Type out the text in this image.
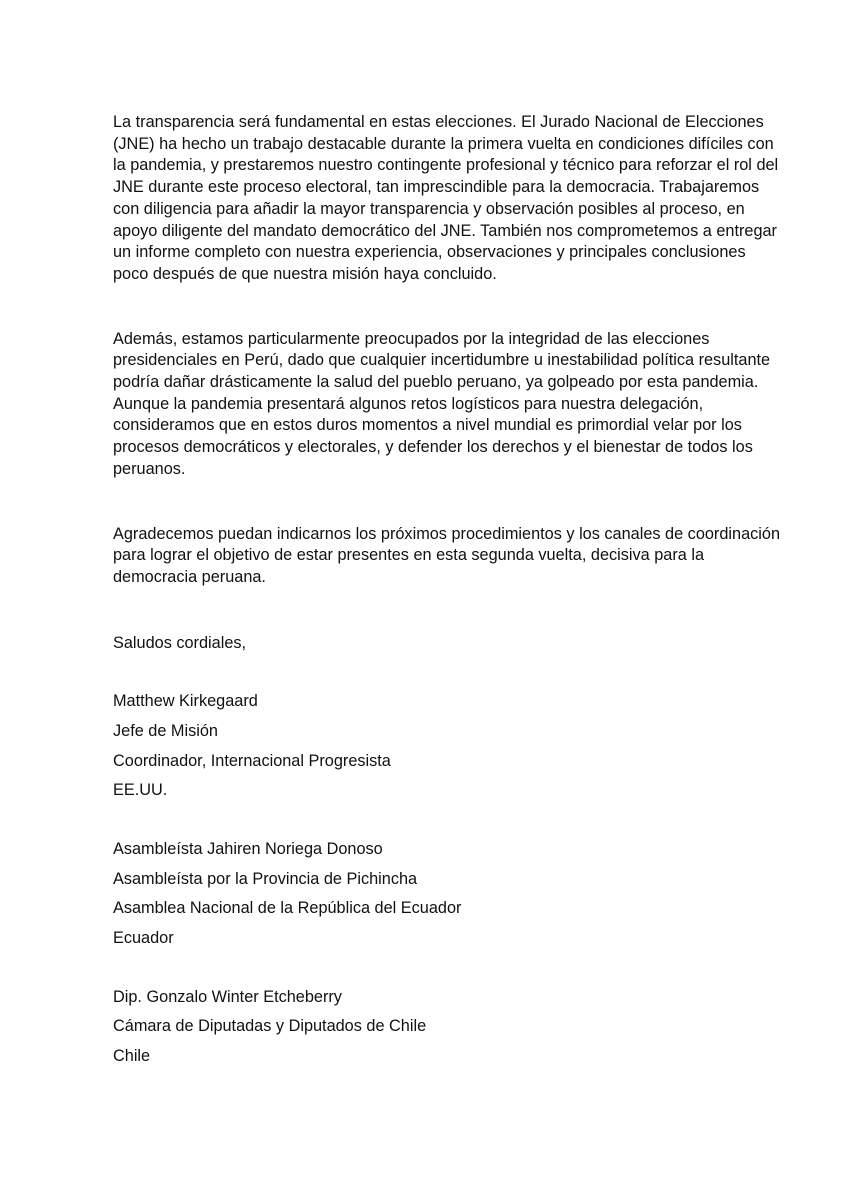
La transparencia será fundamental en estas elecciones. El Jurado Nacional de Elecciones
(JNE) ha hecho un trabajo destacable durante la primera vuelta en condiciones difíciles con
la pandemia, y prestaremos nuestro contingente profesional y técnico para reforzar el rol del
JNE durante este proceso electoral, tan imprescindible para la democracia. Trabajaremos
con diligencia para añadir la mayor transparencia y observación posibles al proceso, en
apoyo diligente del mandato democrático del JNE. También nos comprometemos a entregar
un informe completo con nuestra experiencia, observaciones y principales conclusiones
poco después de que nuestra misión haya concluido.

Además, estamos particularmente preocupados por la integridad de las elecciones
presidenciales en Perú, dado que cualquier incertidumbre u inestabilidad política resultante
podría dañar drásticamente la salud del pueblo peruano, ya golpeado por esta pandemia.
Aunque la pandemia presentará algunos retos logísticos para nuestra delegación,
consideramos que en estos duros momentos a nivel mundial es primordial velar por los
procesos democráticos y electorales, y defender los derechos y el bienestar de todos los
peruanos.

Agradecemos puedan indicarnos los próximos procedimientos y los canales de coordinación
para lograr el objetivo de estar presentes en esta segunda vuelta, decisiva para la
democracia peruana.

Saludos cordiales,

Matthew Kirkegaard
Jefe de Misión
Coordinador, Internacional Progresista
EE.UU.
Asambleísta Jahiren Noriega Donoso
Asambleísta por la Provincia de Pichincha
Asamblea Nacional de la República del Ecuador
Ecuador
Dip. Gonzalo Winter Etcheberry
Cámara de Diputadas y Diputados de Chile
Chile
